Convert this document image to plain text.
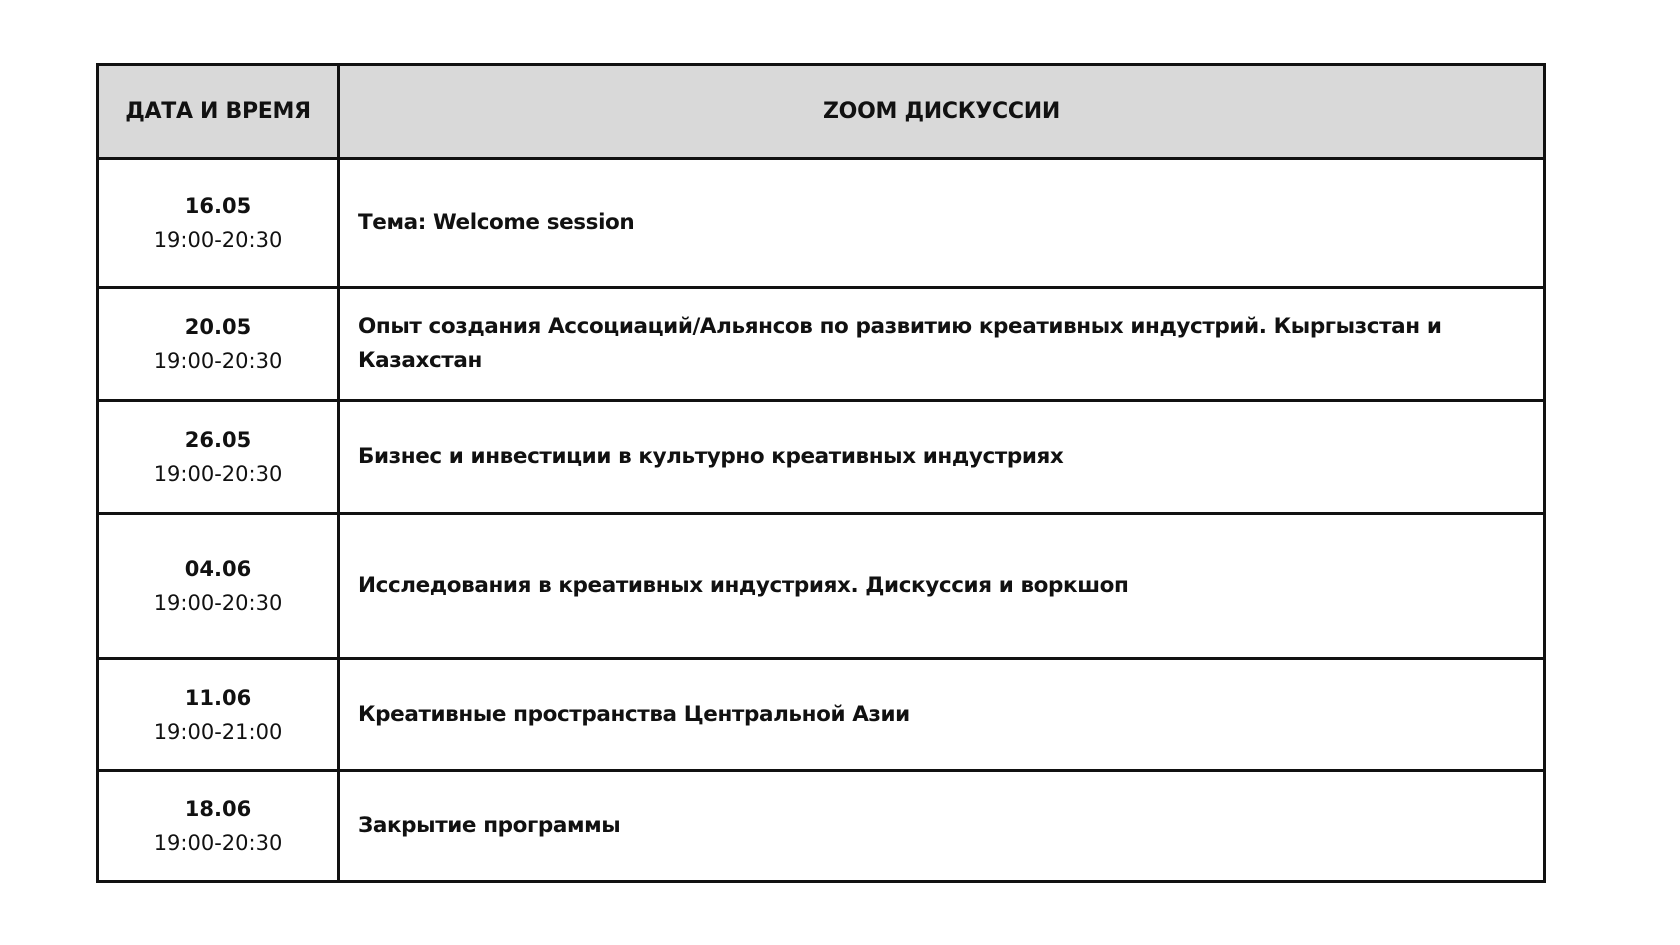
ДАТА И ВРЕМЯ	ZOOM ДИСКУССИИ

16.05
19:00-20:30	Тема: Welcome session

20.05
19:00-20:30	Опыт создания Ассоциаций/Альянсов по развитию креативных индустрий. Кыргызстан и Казахстан

26.05
19:00-20:30	Бизнес и инвестиции в культурно креативных индустриях

04.06
19:00-20:30	Исследования в креативных индустриях. Дискуссия и воркшоп

11.06
19:00-21:00	Креативные пространства Центральной Азии

18.06
19:00-20:30	Закрытие программы
